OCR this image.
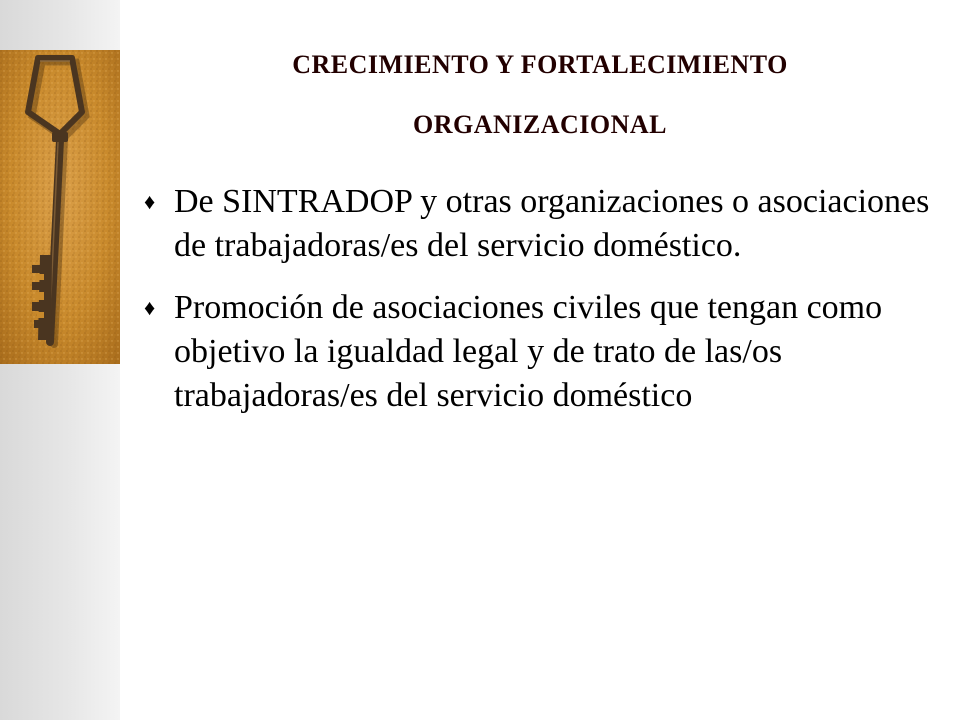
CRECIMIENTO Y FORTALECIMIENTO
ORGANIZACIONAL
♦ De SINTRADOP y otras organizaciones o asociaciones de trabajadoras/es del servicio doméstico.
♦ Promoción de asociaciones civiles que tengan como objetivo la igualdad legal y de trato de las/os trabajadoras/es del servicio doméstico
